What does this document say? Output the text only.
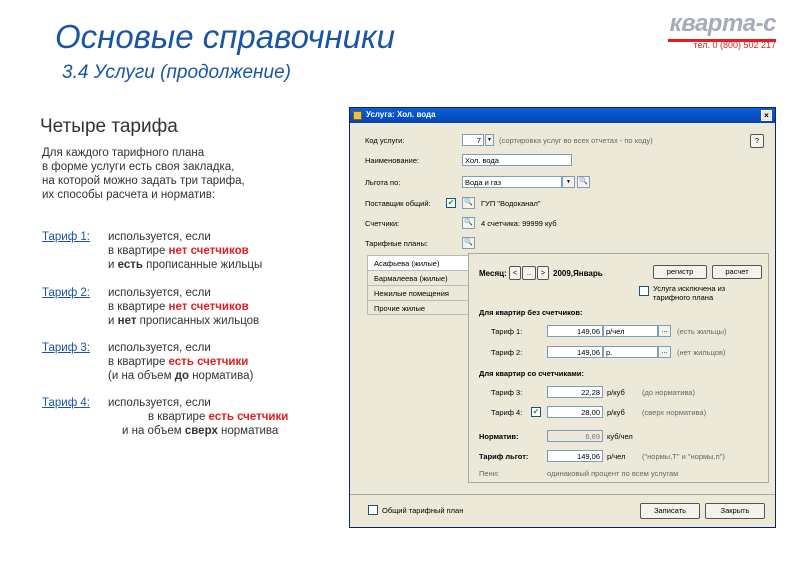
Основые справочники
3.4 Услуги (продолжение)
кварта-с
тел. 0 (800) 502 217
Четыре тарифа
Для каждого тарифного плана
в форме услуги есть своя закладка,
на которой можно задать три тарифа,
их способы расчета и норматив:
Тариф 1: используется, если
в квартире нет счетчиков
и есть прописанные жильцы
Тариф 2: используется, если
в квартире нет счетчиков
и нет прописанных жильцов
Тариф 3: используется, если
в квартире есть счетчики
(и на объем до норматива)
Тариф 4: используется, если
в квартире есть счетчики
и на объем сверх норматива
Услуга: Хол. вода	×
Код услуги:	7	▼ (сортировка услуг во всех отчетах - по коду)	?
Наименование:	Хол. вода
Льгота по:	Вода и газ	▼	🔍
Поставщик общий: ✔	🔍 ГУП "Водоканал"
Счетчики:	🔍 4 счетчика: 99999 куб
Тарифные планы:	🔍
Асафьева (жилые)
Бармалеева (жилые)
Нежилые помещения
Прочие жилые
Месяц: <	..	> 2009,Январь	регистр	расчет
Услуга исключена из тарифного плана
Для квартир без счетчиков:
Тариф 1:	149,06 р/чел	...	(есть жильцы)
Тариф 2:	149,06 р.	...	(нет жильцов)
Для квартир со счетчиками:
Тариф 3:	22,28 р/куб (до норматива)
Тариф 4: ✔	28,00 р/куб (сверх норматива)
Норматив:	6,69 куб/чел
Тариф льгот:	149,06 р/чел ("нормы,Т" и "нормы,п")
Пени:	одинаковый процент по всем услугам
Общий тарифный план	Записать	Закрыть
